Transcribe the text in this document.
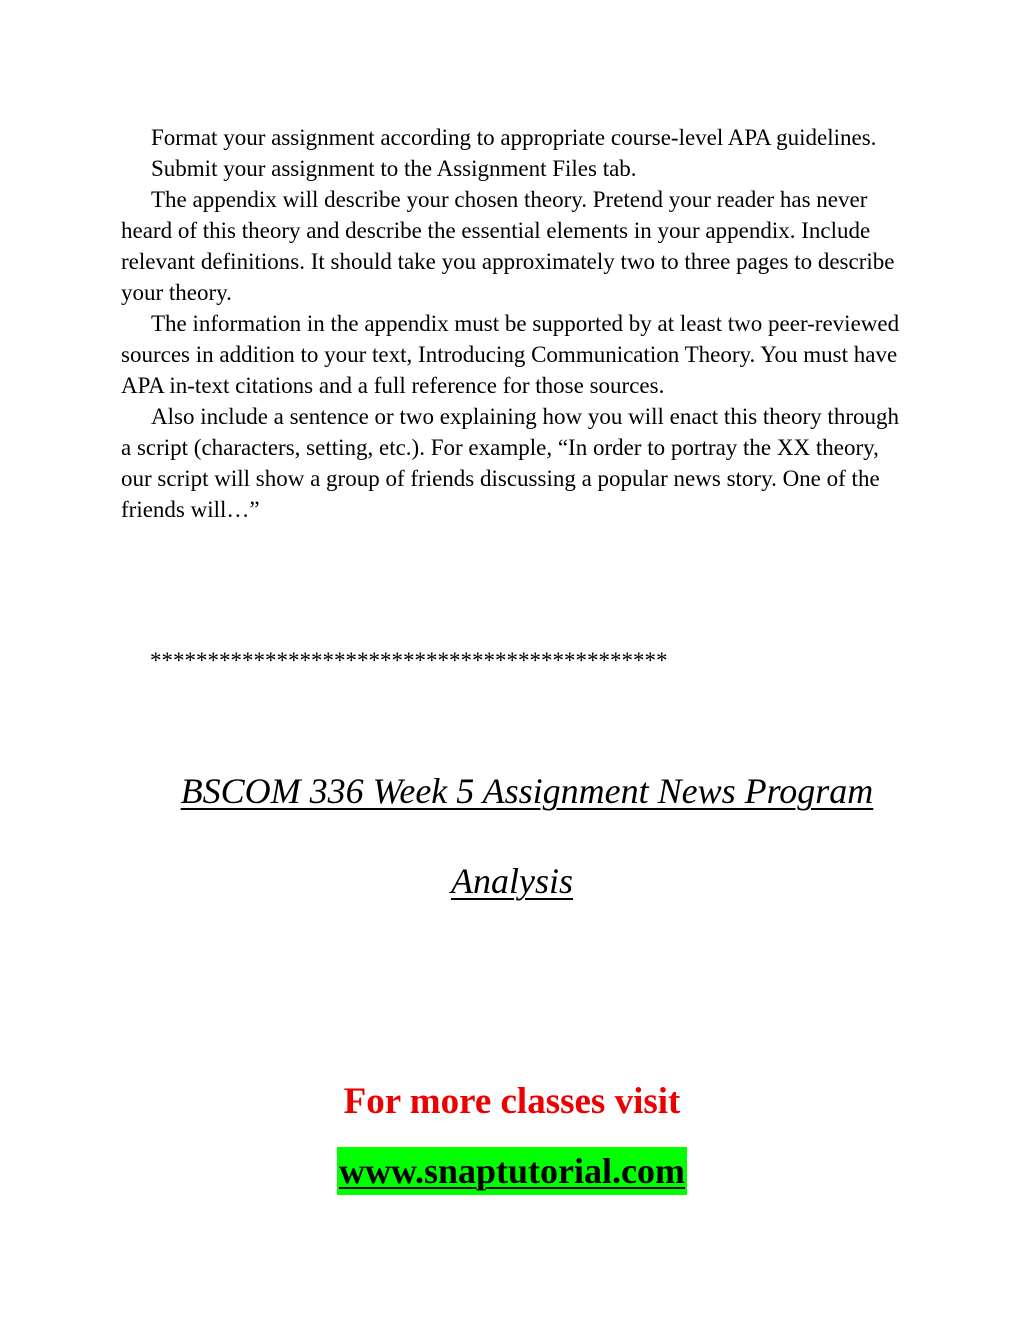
Format your assignment according to appropriate course-level APA guidelines.

Submit your assignment to the Assignment Files tab.

The appendix will describe your chosen theory. Pretend your reader has never heard of this theory and describe the essential elements in your appendix. Include relevant definitions. It should take you approximately two to three pages to describe your theory.

The information in the appendix must be supported by at least two peer-reviewed sources in addition to your text, Introducing Communication Theory. You must have APA in-text citations and a full reference for those sources.

Also include a sentence or two explaining how you will enact this theory through a script (characters, setting, etc.). For example, “In order to portray the XX theory, our script will show a group of friends discussing a popular news story. One of the friends will…”

*********************************************
BSCOM 336 Week 5 Assignment News Program
Analysis
For more classes visit
www.snaptutorial.com
